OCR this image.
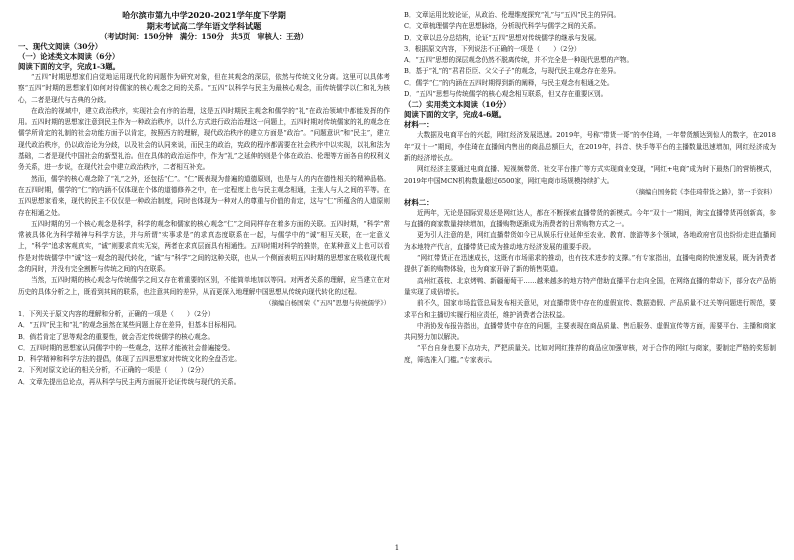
哈尔滨市第九中学2020-2021学年度下学期
期末考试高二学年语文学科试题
（考试时间：150分钟　满分：150分　共5页　审核人：王劲）
一、现代文阅读（30分）
（一）论述类文本阅读（6分）
阅读下面的文字，完成1-3题。

“五四”时期思想家们自觉地运用现代化的问题作为研究对象，但在其观念的深层，依然与传统文化分离。这里可以具体考察“五四”时期的思想家们如何对待儒家的核心观念之间的关系。“五四”以科学与民主为最核心观念，而传统儒学以仁和礼为核心，二者是现代与古典的分歧。

在政治的视域中，建立政治秩序，实现社会有序的治理，这是五四时期民主观念和儒学的“礼”在政治领域中都能发挥的作用。五四时期的思想家注意到民主作为一种政治秩序，以什么方式进行政治治理这一问题上，五四时期对传统儒家的礼的观念在儒学所肯定的礼制的社会功能方面予以肯定，按照西方的理解，现代政治秩序的建立方面是“政治”。“问题意识”和“民主”，建立现代政治秩序，仍以政治论为分歧，以及社会的认同来说，而民主的政治，宪政的程序都需要在社会秩序中以实现，以礼和法为基础，二者是现代中国社会的新型礼治。但在具体的政治运作中，作为“礼”之延伸的则是个体在政治、伦理等方面各自的权利义务关系，进一步说，在现代社会中建立政治秩序，二者相互补充。

然而，儒学的核心观念除了“礼”之外，还包括“仁”。“仁”既表现为普遍的道德原则，也是与人的内在德性相关的精神品格。在五四时期，儒学的“仁”的内涵不仅体现在个体的道德修养之中，在一定程度上也与民主观念相通，主张人与人之间的平等。在五四思想家看来，现代的民主不仅仅是一种政治制度，同时也体现为一种对人的尊重与价值的肯定，这与“仁”所蕴含的人道原则存在相通之处。

五四时期的另一个核心观念是科学，科学的观念和儒家的核心观念“仁”之间同样存在着多方面的关联。五四时期，“科学”常常被具体化为科学精神与科学方法，并与所谓“实事求是”的求真态度联系在一起，与儒学中的“诚”相互关联，在一定意义上，“科学”追求客观真实，“诚”则要求真实无妄，两者在求真层面具有相通性。五四时期对科学的推崇，在某种意义上也可以看作是对传统儒学中“诚”这一观念的现代转化，“诚”与“科学”之间的这种关联，也从一个侧面表明五四时期的思想家在吸收现代观念的同时，并没有完全割断与传统之间的内在联系。

当然，五四时期的核心观念与传统儒学之间又存在着重要的区别，不能简单地加以等同。对两者关系的理解，应当建立在对历史的具体分析之上，既看到其间的联系，也注意其间的差异，从而更深入地理解中国思想从传统向现代转化的过程。

（摘编自杨国荣《“五四”思想与传统儒学》）
1．下列关于原文内容的理解和分析，正确的一项是（　　）（2分）
A．“五四”民主和“礼”的观念虽然在某些问题上存在差异，但基本目标相同。
B．倘若肯定了思等观念的重要性，就会否定传统儒学的核心观念。
C．五四时期的思想家认同儒学中的一些观念，这样才能被社会普遍接受。
D．科学精神和科学方法的提倡，体现了五四思想家对传统文化的全盘否定。
2．下列对原文论证的相关分析，不正确的一项是（　　）（2分）
A．文章先提出总论点，再从科学与民主两方面展开论证传统与现代的关系。
B．文章运用比较论证，从政治、伦理维度探究“礼”与“五四”民主的异同。
C．文章梳理儒学内在思想脉络，分析现代科学与儒学之间的关系。
D．文章以总分总结构，论证“五四”思想对传统儒学的继承与发展。
3．根据原文内容，下列说法不正确的一项是（　　）（2分）
A．“五四”思想的深层观念仍然不脱离传统，并不完全是一种现代思想的产物。
B．基于“礼”的“君君臣臣、父父子子”的观念，与现代民主观念存在差异。
C．儒学“仁”的内涵在五四时期得到新的阐释，与民主观念有相通之处。
D．“五四”思想与传统儒学的核心观念相互联系，但又存在重要区别。
（二）实用类文本阅读（10分）
阅读下面的文字，完成4-6题。
材料一：

大数据及电商平台的兴起，网红经济发展迅速。2019年，号称“带货一哥”的李佳琦，一年带货额达到惊人的数字，在2018年“双十一”期间，李佳琦在直播间内售出的商品总额巨大，在2019年，抖音、快手等平台的主播数量迅速增加，网红经济成为新的经济增长点。

网红经济主要通过电商直播、短视频带货、社交平台推广等方式实现商业变现，“网红+电商”成为时下最热门的营销模式，2019年中国MCN机构数量超过6500家，网红电商市场规模持续扩大。

（摘编自国务院《李佳琦带货之路》，第一手资料）
材料二：

近两年，无论是国际贸易还是网红达人，都在不断探索直播带货的新模式。今年“双十一”期间，淘宝直播带货再创新高，参与直播的商家数量持续增加，直播购物逐渐成为消费者的日常购物方式之一。

更为引人注意的是，网红直播带货如今已从娱乐行业延伸至农业、教育、旅游等多个领域，各地政府官员也纷纷走进直播间为本地特产代言，直播带货已成为推动地方经济发展的重要手段。

“网红带货正在迅速成长，这既有市场需求的推动，也有技术进步的支撑。”有专家指出，直播电商的快速发展，既为消费者提供了新的购物体验，也为商家开辟了新的销售渠道。

高州红荔枝、北京烤鸭、新疆葡萄干……越来越多的地方特产借助直播平台走向全国，在网络直播的带动下，部分农产品销量实现了成倍增长。

前不久，国家市场监管总局发布相关意见，对直播带货中存在的虚假宣传、数据造假、产品质量不过关等问题进行规范，要求平台和主播切实履行相应责任，维护消费者合法权益。

中消协发布报告指出，直播带货中存在的问题，主要表现在商品质量、售后服务、虚假宣传等方面，需要平台、主播和商家共同努力加以解决。

“平台自身也要下点功夫，严把质量关。比如对网红推荐的商品应加强审核，对于合作的网红与商家，要制定严格的奖惩制度，筛选准入门槛。”专家表示。

1
